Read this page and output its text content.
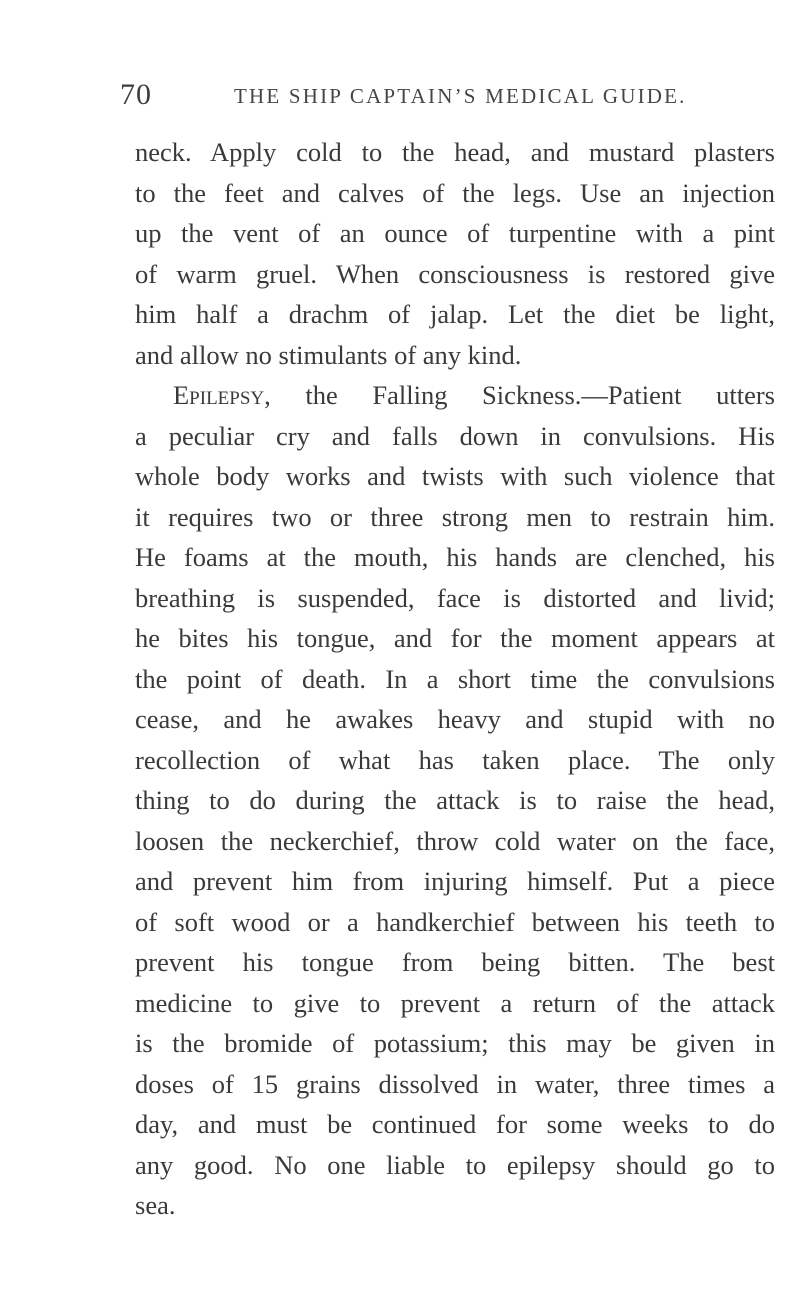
70	THE SHIP CAPTAIN’S MEDICAL GUIDE.
neck. Apply cold to the head, and mustard plasters
to the feet and calves of the legs. Use an injection
up the vent of an ounce of turpentine with a pint
of warm gruel. When consciousness is restored give
him half a drachm of jalap. Let the diet be light,
and allow no stimulants of any kind.
Epilepsy, the Falling Sickness.—Patient utters
a peculiar cry and falls down in convulsions. His
whole body works and twists with such violence that
it requires two or three strong men to restrain him.
He foams at the mouth, his hands are clenched, his
breathing is suspended, face is distorted and livid;
he bites his tongue, and for the moment appears at
the point of death. In a short time the convulsions
cease, and he awakes heavy and stupid with no
recollection of what has taken place. The only
thing to do during the attack is to raise the head,
loosen the neckerchief, throw cold water on the face,
and prevent him from injuring himself. Put a piece
of soft wood or a handkerchief between his teeth to
prevent his tongue from being bitten. The best
medicine to give to prevent a return of the attack
is the bromide of potassium; this may be given in
doses of 15 grains dissolved in water, three times a
day, and must be continued for some weeks to do
any good. No one liable to epilepsy should go to
sea.
